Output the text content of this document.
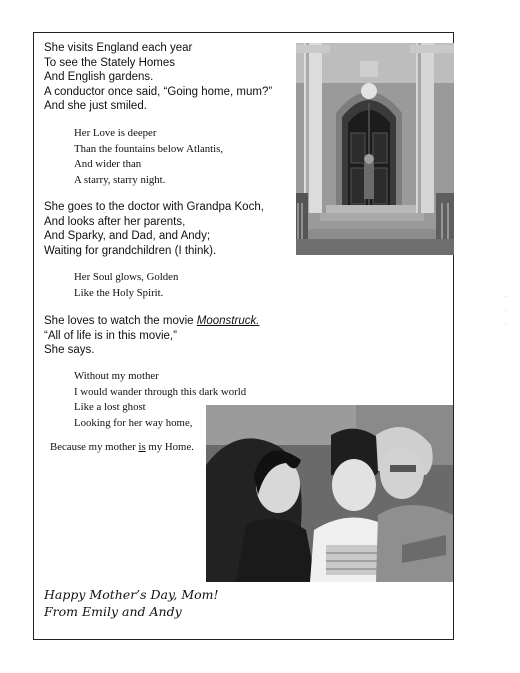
She visits England each year
To see the Stately Homes
And English gardens.
A conductor once said, “Going home, mum?”
And she just smiled.
Her Love is deeper
Than the fountains below Atlantis,
And wider than
A starry, starry night.
She goes to the doctor with Grandpa Koch,
And looks after her parents,
And Sparky, and Dad, and Andy;
Waiting for grandchildren (I think).
Her Soul glows, Golden
Like the Holy Spirit.
She loves to watch the movie Moonstruck.
“All of life is in this movie,”
She says.
Without my mother
I would wander through this dark world
Like a lost ghost
Looking for her way home,
Because my mother is my Home.
Happy Mother’s Day, Mom!
From Emily and Andy
·
·
·
